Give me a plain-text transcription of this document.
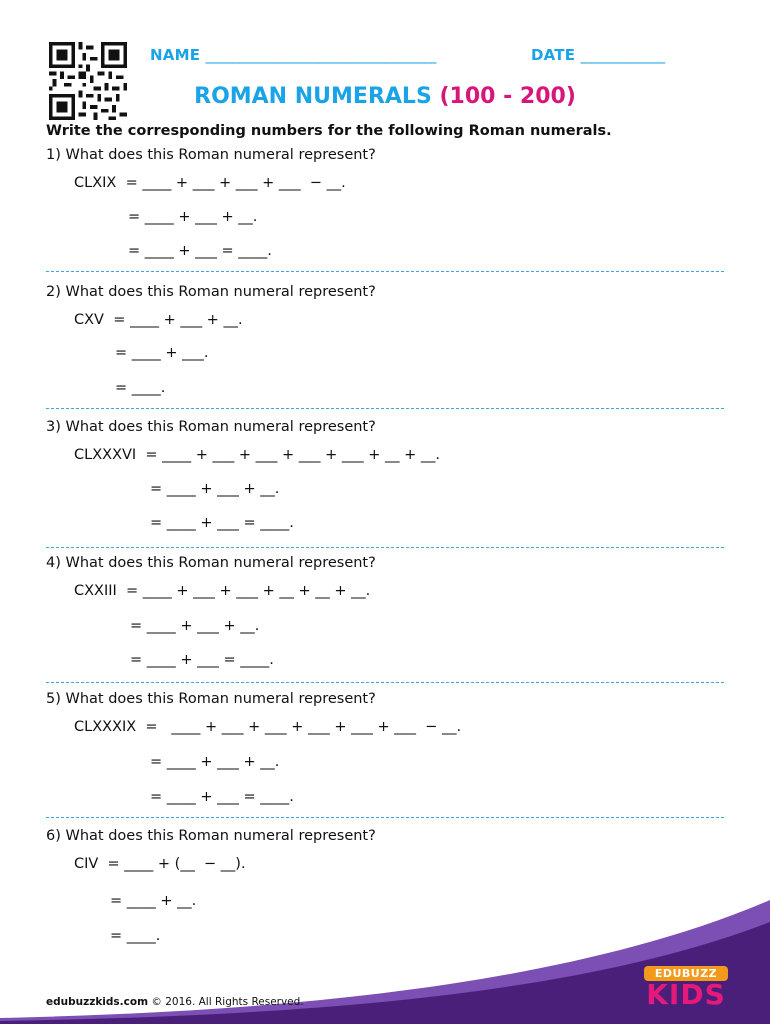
NAME ______________________________	DATE ___________
ROMAN NUMERALS (100 - 200)
Write the corresponding numbers for the following Roman numerals.
1) What does this Roman numeral represent?
CLXIX  = ____ + ___ + ___ + ___  − __.
= ____ + ___ + __.
= ____ + ___ = ____.
2) What does this Roman numeral represent?
CXV  = ____ + ___ + __.
= ____ + ___.
= ____.
3) What does this Roman numeral represent?
CLXXXVI  = ____ + ___ + ___ + ___ + ___ + __ + __.
= ____ + ___ + __.
= ____ + ___ = ____.
4) What does this Roman numeral represent?
CXXIII  = ____ + ___ + ___ + __ + __ + __.
= ____ + ___ + __.
= ____ + ___ = ____.
5) What does this Roman numeral represent?
CLXXXIX  =   ____ + ___ + ___ + ___ + ___ + ___  − __.
= ____ + ___ + __.
= ____ + ___ = ____.
6) What does this Roman numeral represent?
CIV  = ____ + (__  − __).
= ____ + __.
= ____.
edubuzzkids.com © 2016. All Rights Reserved.
EDUBUZZ
KIDS
